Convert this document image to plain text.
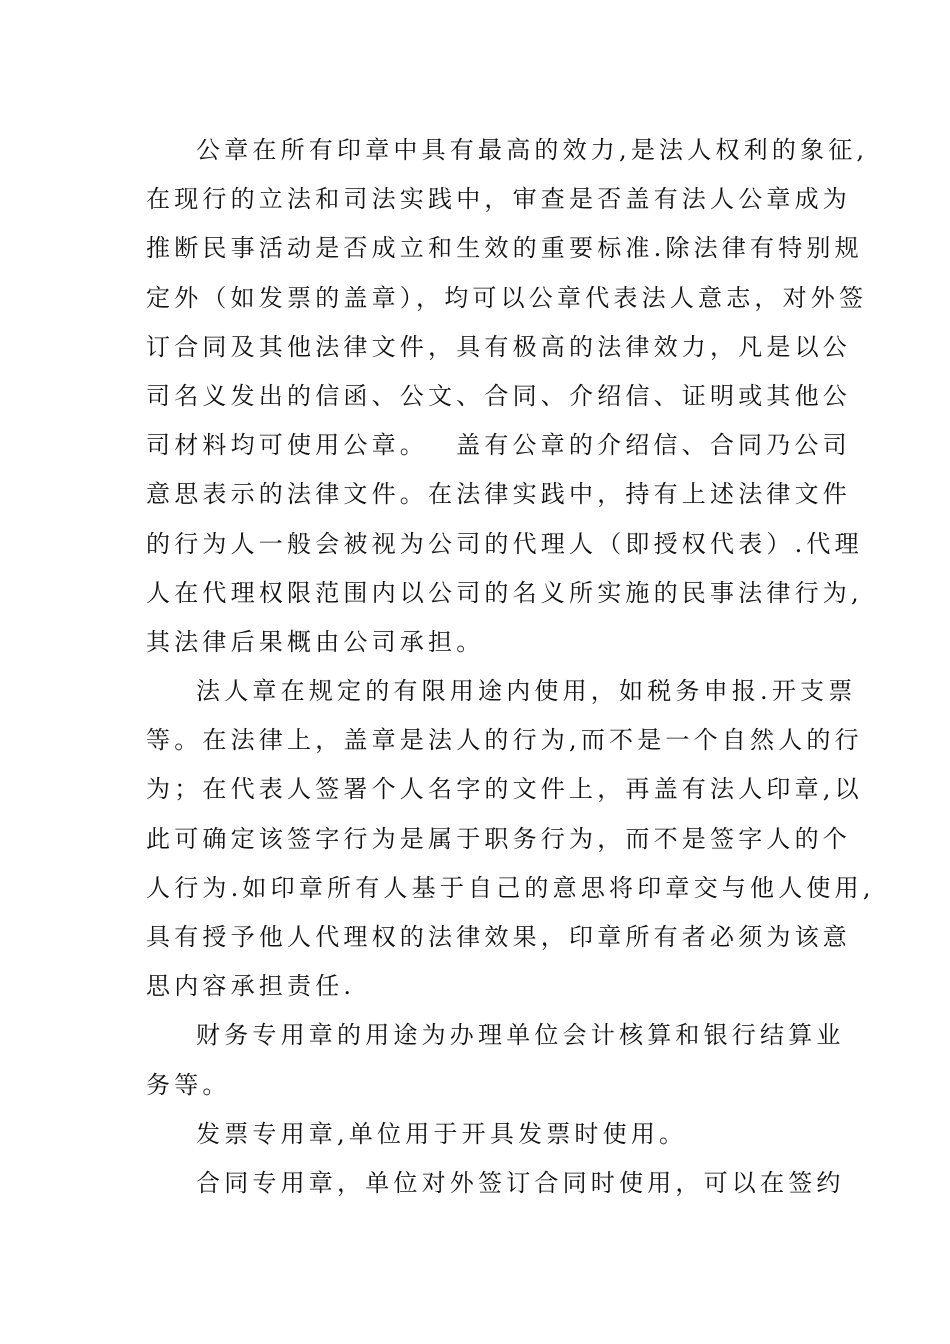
公章在所有印章中具有最高的效力,是法人权利的象征,
在现行的立法和司法实践中，审查是否盖有法人公章成为
推断民事活动是否成立和生效的重要标准.除法律有特别规
定外（如发票的盖章），均可以公章代表法人意志，对外签
订合同及其他法律文件，具有极高的法律效力，凡是以公
司名义发出的信函、公文、合同、介绍信、证明或其他公
司材料均可使用公章。　 盖有公章的介绍信、合同乃公司
意思表示的法律文件。在法律实践中，持有上述法律文件
的行为人一般会被视为公司的代理人（即授权代表）.代理
人在代理权限范围内以公司的名义所实施的民事法律行为,
其法律后果概由公司承担。
法人章在规定的有限用途内使用，如税务申报.开支票
等。在法律上，盖章是法人的行为,而不是一个自然人的行
为；在代表人签署个人名字的文件上，再盖有法人印章,以
此可确定该签字行为是属于职务行为，而不是签字人的个
人行为.如印章所有人基于自己的意思将印章交与他人使用,
具有授予他人代理权的法律效果，印章所有者必须为该意
思内容承担责任.
财务专用章的用途为办理单位会计核算和银行结算业
务等。
发票专用章,单位用于开具发票时使用。
合同专用章，单位对外签订合同时使用，可以在签约
